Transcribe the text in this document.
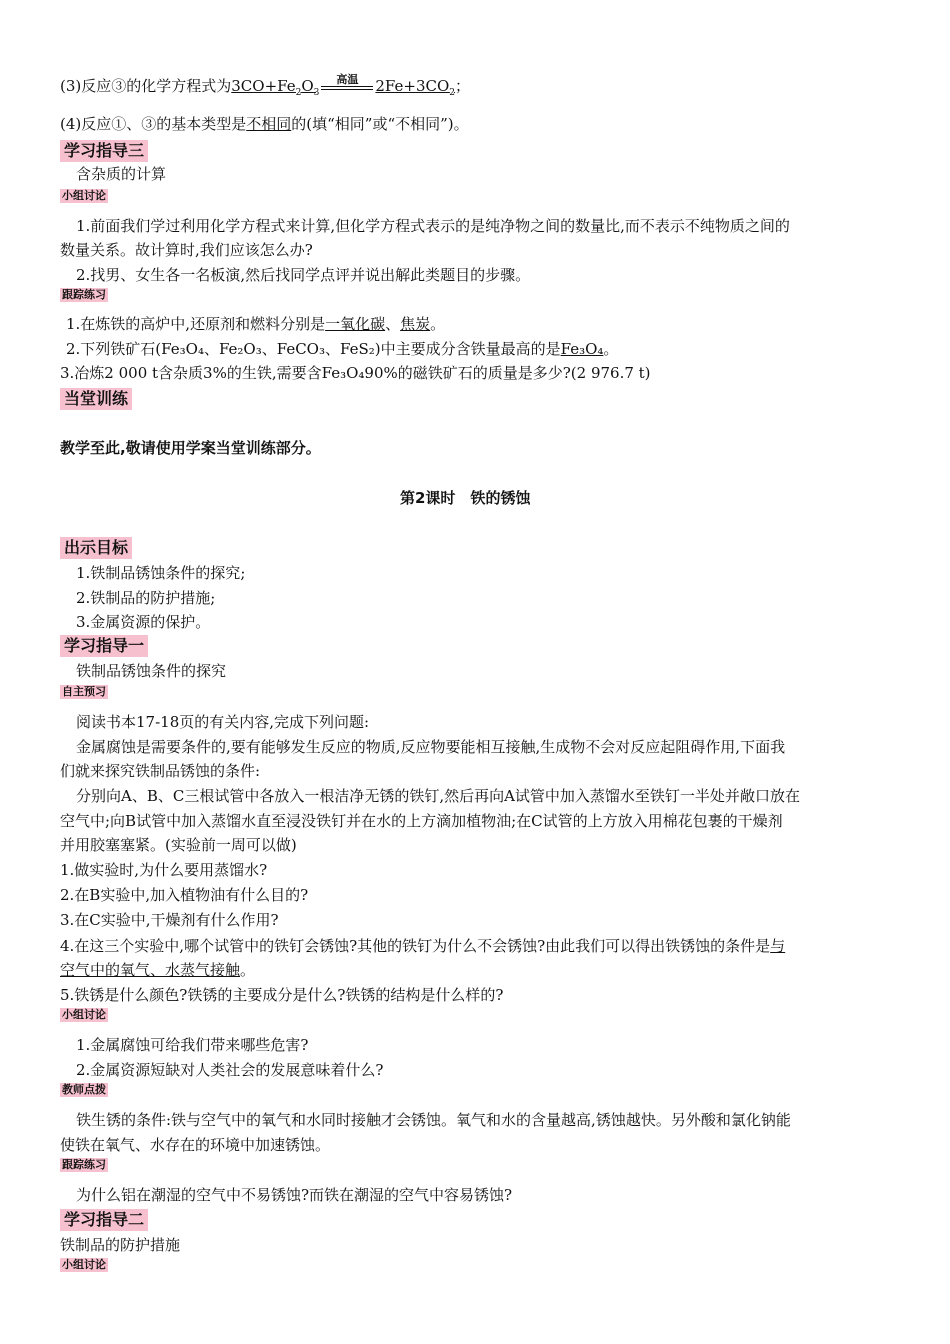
(3)反应③的化学方程式为$3CO+Fe_2O_3$
高温	$2Fe+3CO_2$；
(4)反应①、③的基本类型是不相同的(填“相同”或“不相同”)。
学习指导三
含杂质的计算
小组讨论
1.前面我们学过利用化学方程式来计算,但化学方程式表示的是纯净物之间的数量比,而不表示不纯物质之间的
数量关系。故计算时,我们应该怎么办?
2.找男、女生各一名板演,然后找同学点评并说出解此类题目的步骤。
跟踪练习
1.在炼铁的高炉中,还原剂和燃料分别是一氧化碳、焦炭。
2.下列铁矿石(Fe₃O₄、Fe₂O₃、FeCO₃、FeS₂)中主要成分含铁量最高的是Fe₃O₄。
3.冶炼2 000 t含杂质3%的生铁,需要含Fe₃O₄90%的磁铁矿石的质量是多少?(2 976.7 t)
当堂训练
教学至此,敬请使用学案当堂训练部分。
第2课时　铁的锈蚀
出示目标
1.铁制品锈蚀条件的探究;
2.铁制品的防护措施;
3.金属资源的保护。
学习指导一
铁制品锈蚀条件的探究
自主预习
阅读书本17-18页的有关内容,完成下列问题:
金属腐蚀是需要条件的,要有能够发生反应的物质,反应物要能相互接触,生成物不会对反应起阻碍作用,下面我
们就来探究铁制品锈蚀的条件:
分别向A、B、C三根试管中各放入一根洁净无锈的铁钉,然后再向A试管中加入蒸馏水至铁钉一半处并敞口放在
空气中;向B试管中加入蒸馏水直至浸没铁钉并在水的上方滴加植物油;在C试管的上方放入用棉花包裹的干燥剂
并用胶塞塞紧。(实验前一周可以做)
1.做实验时,为什么要用蒸馏水?
2.在B实验中,加入植物油有什么目的?
3.在C实验中,干燥剂有什么作用?
4.在这三个实验中,哪个试管中的铁钉会锈蚀?其他的铁钉为什么不会锈蚀?由此我们可以得出铁锈蚀的条件是与
空气中的氧气、水蒸气接触。
5.铁锈是什么颜色?铁锈的主要成分是什么?铁锈的结构是什么样的?
小组讨论
1.金属腐蚀可给我们带来哪些危害?
2.金属资源短缺对人类社会的发展意味着什么?
教师点拨
铁生锈的条件:铁与空气中的氧气和水同时接触才会锈蚀。氧气和水的含量越高,锈蚀越快。另外酸和氯化钠能
使铁在氧气、水存在的环境中加速锈蚀。
跟踪练习
为什么铝在潮湿的空气中不易锈蚀?而铁在潮湿的空气中容易锈蚀?
学习指导二
铁制品的防护措施
小组讨论
